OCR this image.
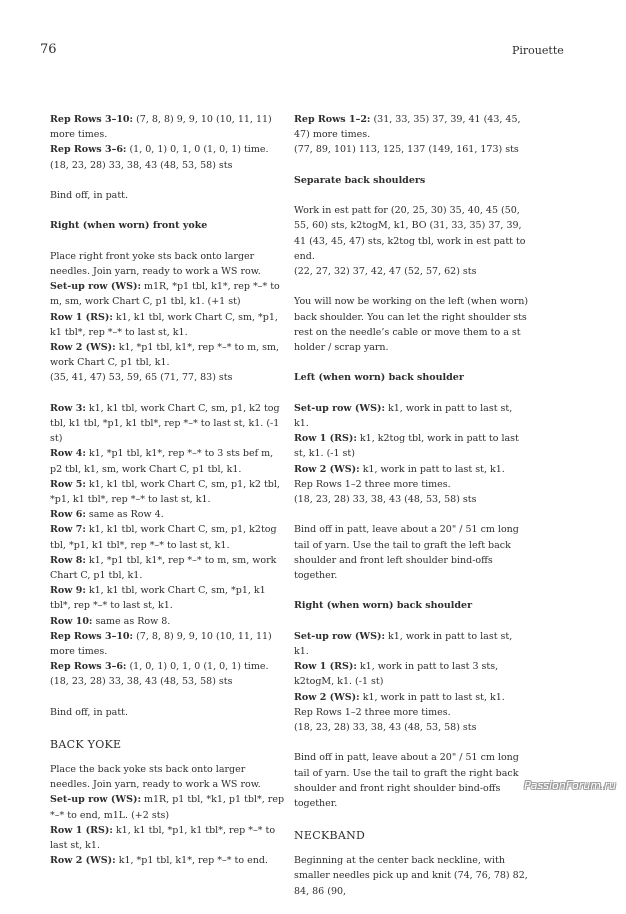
76	Pirouette

Rep Rows 3–10: (7, 8, 8) 9, 9, 10 (10, 11, 11) more times.
Rep Rows 3–6: (1, 0, 1) 0, 1, 0 (1, 0, 1) time.
(18, 23, 28) 33, 38, 43 (48, 53, 58) sts

Bind off, in patt.

Right (when worn) front yoke

Place right front yoke sts back onto larger needles. Join yarn, ready to work a WS row.

Set-up row (WS): m1R, *p1 tbl, k1*, rep *–* to m, sm, work Chart C, p1 tbl, k1. (+1 st)
Row 1 (RS): k1, k1 tbl, work Chart C, sm, *p1, k1 tbl*, rep *–* to last st, k1.
Row 2 (WS): k1, *p1 tbl, k1*, rep *–* to m, sm, work Chart C, p1 tbl, k1.
(35, 41, 47) 53, 59, 65 (71, 77, 83) sts

Row 3: k1, k1 tbl, work Chart C, sm, p1, k2 tog tbl, k1 tbl, *p1, k1 tbl*, rep *–* to last st, k1. (-1 st)
Row 4: k1, *p1 tbl, k1*, rep *–* to 3 sts bef m, p2 tbl, k1, sm, work Chart C, p1 tbl, k1.
Row 5: k1, k1 tbl, work Chart C, sm, p1, k2 tbl, *p1, k1 tbl*, rep *–* to last st, k1.
Row 6: same as Row 4.
Row 7: k1, k1 tbl, work Chart C, sm, p1, k2tog tbl, *p1, k1 tbl*, rep *–* to last st, k1.
Row 8: k1, *p1 tbl, k1*, rep *–* to m, sm, work Chart C, p1 tbl, k1.
Row 9: k1, k1 tbl, work Chart C, sm, *p1, k1 tbl*, rep *–* to last st, k1.
Row 10: same as Row 8.
Rep Rows 3–10: (7, 8, 8) 9, 9, 10 (10, 11, 11) more times.
Rep Rows 3–6: (1, 0, 1) 0, 1, 0 (1, 0, 1) time.
(18, 23, 28) 33, 38, 43 (48, 53, 58) sts

Bind off, in patt.

BACK YOKE

Place the back yoke sts back onto larger needles. Join yarn, ready to work a WS row.

Set-up row (WS): m1R, p1 tbl, *k1, p1 tbl*, rep *–* to end, m1L. (+2 sts)
Row 1 (RS): k1, k1 tbl, *p1, k1 tbl*, rep *–* to last st, k1.
Row 2 (WS): k1, *p1 tbl, k1*, rep *–* to end.

Rep Rows 1–2: (31, 33, 35) 37, 39, 41 (43, 45, 47) more times.
(77, 89, 101) 113, 125, 137 (149, 161, 173) sts

Separate back shoulders

Work in est patt for (20, 25, 30) 35, 40, 45 (50, 55, 60) sts, k2togM, k1, BO (31, 33, 35) 37, 39, 41 (43, 45, 47) sts, k2tog tbl, work in est patt to end.
(22, 27, 32) 37, 42, 47 (52, 57, 62) sts

You will now be working on the left (when worn) back shoulder. You can let the right shoulder sts rest on the needle’s cable or move them to a st holder / scrap yarn.

Left (when worn) back shoulder

Set-up row (WS): k1, work in patt to last st, k1.
Row 1 (RS): k1, k2tog tbl, work in patt to last st, k1. (-1 st)
Row 2 (WS): k1, work in patt to last st, k1.
Rep Rows 1–2 three more times.
(18, 23, 28) 33, 38, 43 (48, 53, 58) sts

Bind off in patt, leave about a 20" / 51 cm long tail of yarn. Use the tail to graft the left back shoulder and front left shoulder bind-offs together.

Right (when worn) back shoulder

Set-up row (WS): k1, work in patt to last st, k1.
Row 1 (RS): k1, work in patt to last 3 sts, k2togM, k1. (-1 st)
Row 2 (WS): k1, work in patt to last st, k1.
Rep Rows 1–2 three more times.
(18, 23, 28) 33, 38, 43 (48, 53, 58) sts

Bind off in patt, leave about a 20" / 51 cm long tail of yarn. Use the tail to graft the right back shoulder and front right shoulder bind-offs together.

NECKBAND

Beginning at the center back neckline, with smaller needles pick up and knit (74, 76, 78) 82, 84, 86 (90,

PassionForum.ru
